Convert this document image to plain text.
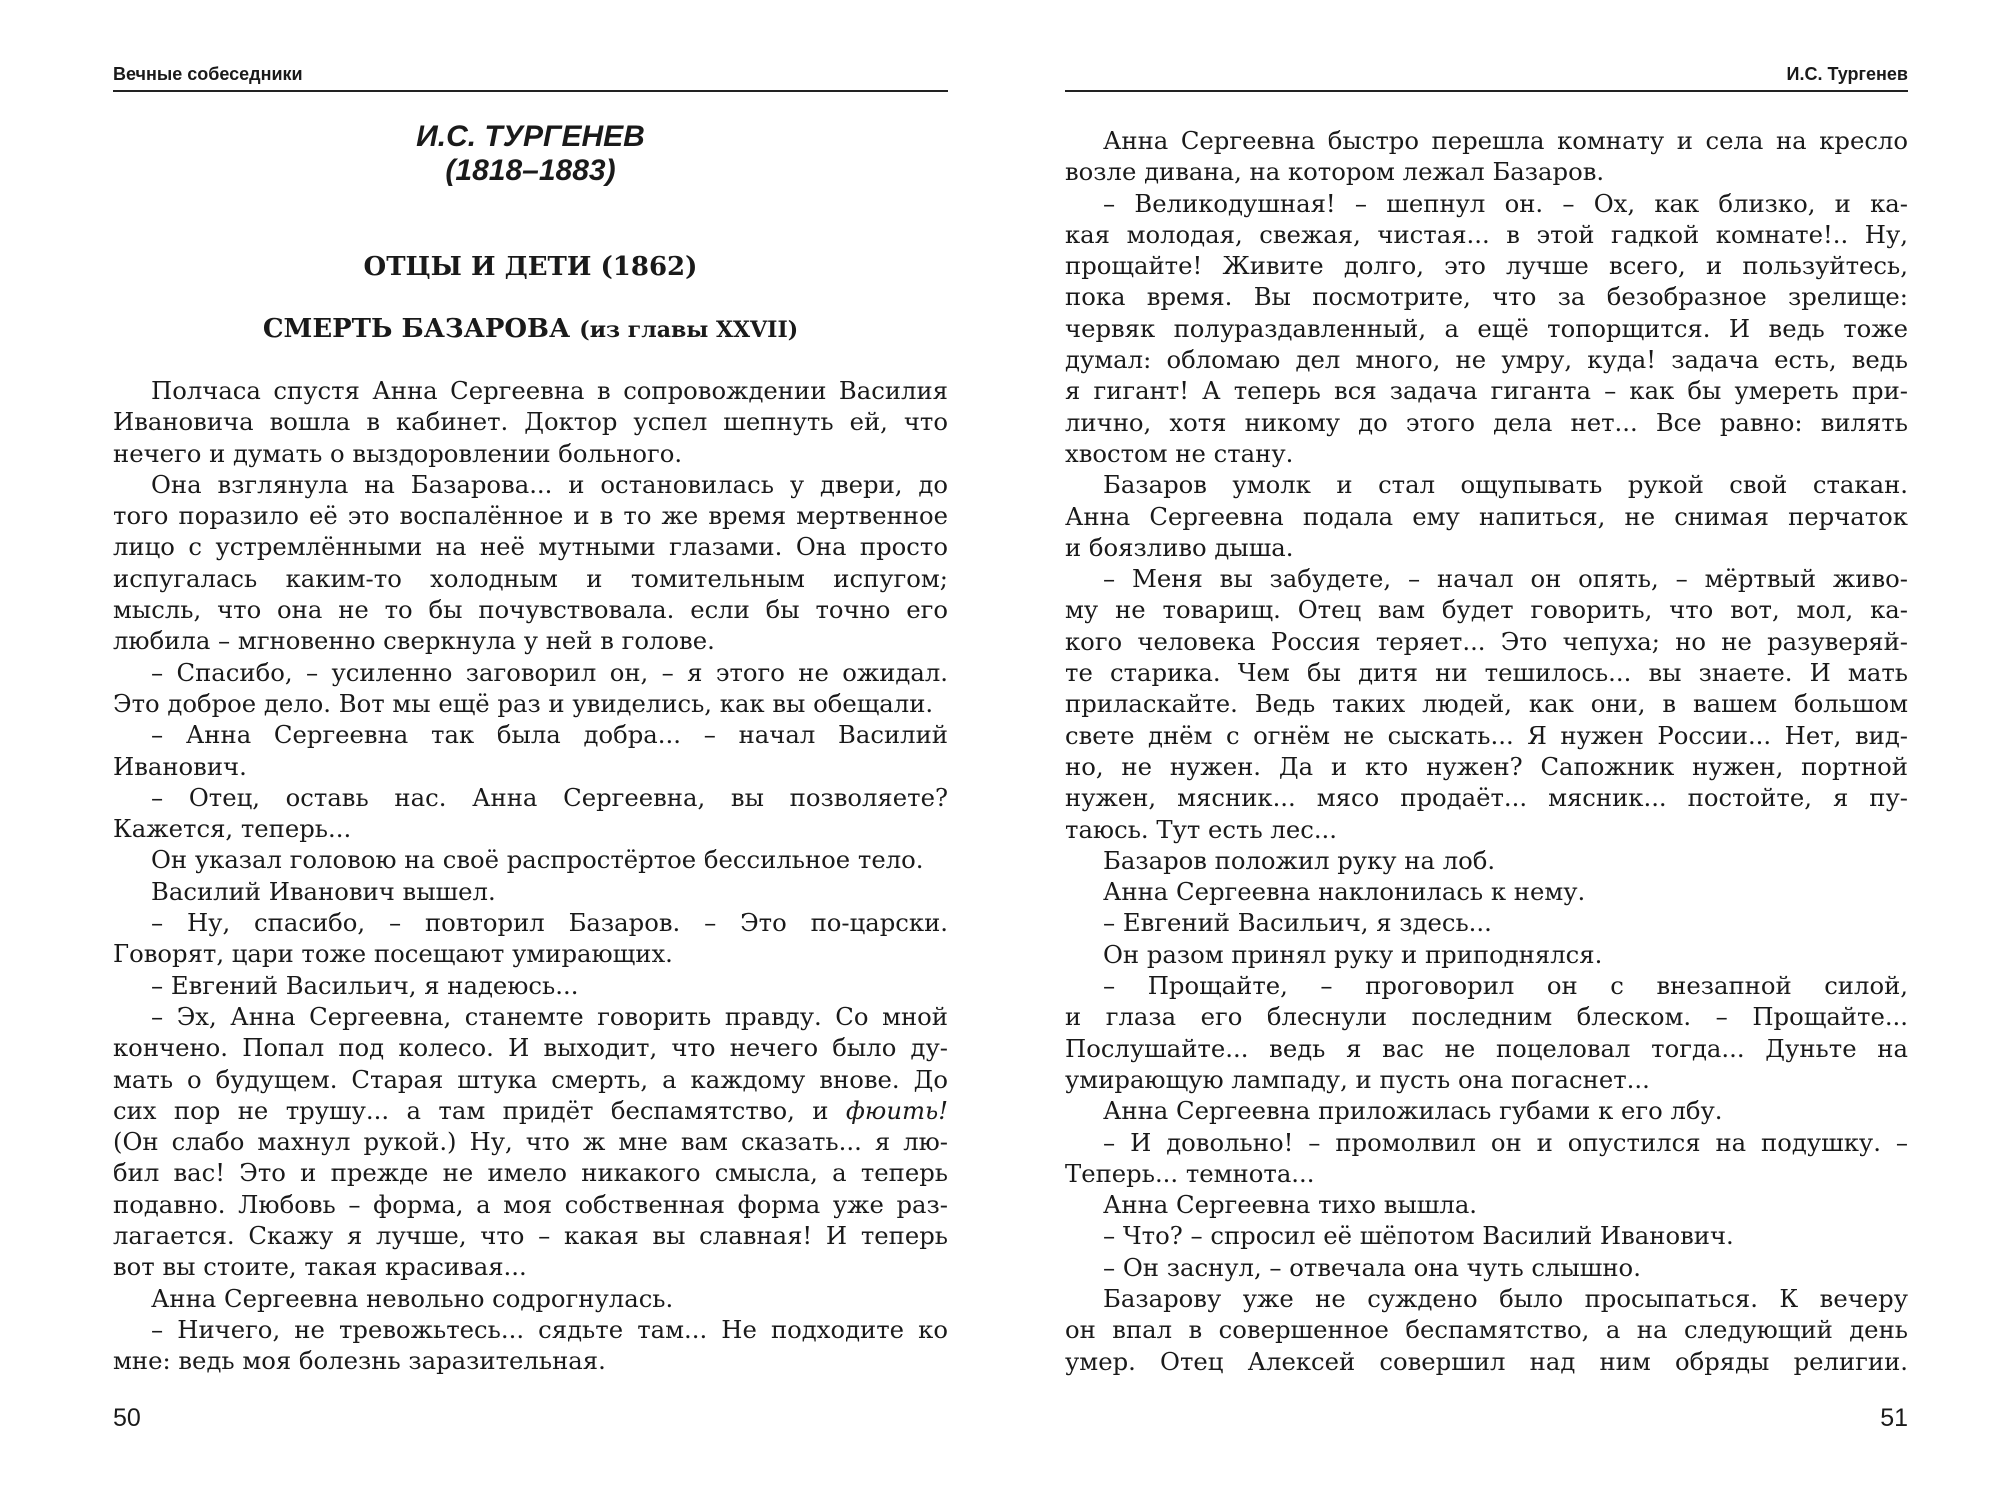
Вечные собеседники	И.С. Тургенев
И.С. ТУРГЕНЕВ
(1818–1883)
ОТЦЫ И ДЕТИ (1862)
СМЕРТЬ БАЗАРОВА (из главы XXVII)
Полчаса спустя Анна Сергеевна в сопровождении Василия
Ивановича вошла в кабинет. Доктор успел шепнуть ей, что
нечего и думать о выздоровлении больного.
Она взглянула на Базарова... и остановилась у двери, до
того поразило её это воспалённое и в то же время мертвенное
лицо с устремлёнными на неё мутными глазами. Она просто
испугалась каким-то холодным и томительным испугом;
мысль, что она не то бы почувствовала. если бы точно его
любила – мгновенно сверкнула у ней в голове.
– Спасибо, – усиленно заговорил он, – я этого не ожидал.
Это доброе дело. Вот мы ещё раз и увиделись, как вы обещали.
– Анна Сергеевна так была добра... – начал Василий
Иванович.
– Отец, оставь нас. Анна Сергеевна, вы позволяете?
Кажется, теперь...
Он указал головою на своё распростёртое бессильное тело.
Василий Иванович вышел.
– Ну, спасибо, – повторил Базаров. – Это по-царски.
Говорят, цари тоже посещают умирающих.
– Евгений Васильич, я надеюсь...
– Эх, Анна Сергеевна, станемте говорить правду. Со мной
кончено. Попал под колесо. И выходит, что нечего было ду-
мать о будущем. Старая штука смерть, а каждому внове. До
сих пор не трушу... а там придёт беспамятство, и фюить!
(Он слабо махнул рукой.) Ну, что ж мне вам сказать... я лю-
бил вас! Это и прежде не имело никакого смысла, а теперь
подавно. Любовь – форма, а моя собственная форма уже раз-
лагается. Скажу я лучше, что – какая вы славная! И теперь
вот вы стоите, такая красивая...
Анна Сергеевна невольно содрогнулась.
– Ничего, не тревожьтесь... сядьте там... Не подходите ко
мне: ведь моя болезнь заразительная.
Анна Сергеевна быстро перешла комнату и села на кресло
возле дивана, на котором лежал Базаров.
– Великодушная! – шепнул он. – Ох, как близко, и ка-
кая молодая, свежая, чистая... в этой гадкой комнате!.. Ну,
прощайте! Живите долго, это лучше всего, и пользуйтесь,
пока время. Вы посмотрите, что за безобразное зрелище:
червяк полураздавленный, а ещё топорщится. И ведь тоже
думал: обломаю дел много, не умру, куда! задача есть, ведь
я гигант! А теперь вся задача гиганта – как бы умереть при-
лично, хотя никому до этого дела нет... Все равно: вилять
хвостом не стану.
Базаров умолк и стал ощупывать рукой свой стакан.
Анна Сергеевна подала ему напиться, не снимая перчаток
и боязливо дыша.
– Меня вы забудете, – начал он опять, – мёртвый живо-
му не товарищ. Отец вам будет говорить, что вот, мол, ка-
кого человека Россия теряет... Это чепуха; но не разуверяй-
те старика. Чем бы дитя ни тешилось... вы знаете. И мать
приласкайте. Ведь таких людей, как они, в вашем большом
свете днём с огнём не сыскать... Я нужен России... Нет, вид-
но, не нужен. Да и кто нужен? Сапожник нужен, портной
нужен, мясник... мясо продаёт... мясник... постойте, я пу-
таюсь. Тут есть лес...
Базаров положил руку на лоб.
Анна Сергеевна наклонилась к нему.
– Евгений Васильич, я здесь...
Он разом принял руку и приподнялся.
– Прощайте, – проговорил он с внезапной силой,
и глаза его блеснули последним блеском. – Прощайте...
Послушайте... ведь я вас не поцеловал тогда... Дуньте на
умирающую лампаду, и пусть она погаснет...
Анна Сергеевна приложилась губами к его лбу.
– И довольно! – промолвил он и опустился на подушку. –
Теперь... темнота...
Анна Сергеевна тихо вышла.
– Что? – спросил её шёпотом Василий Иванович.
– Он заснул, – отвечала она чуть слышно.
Базарову уже не суждено было просыпаться. К вечеру
он впал в совершенное беспамятство, а на следующий день
умер. Отец Алексей совершил над ним обряды религии.
50	51
